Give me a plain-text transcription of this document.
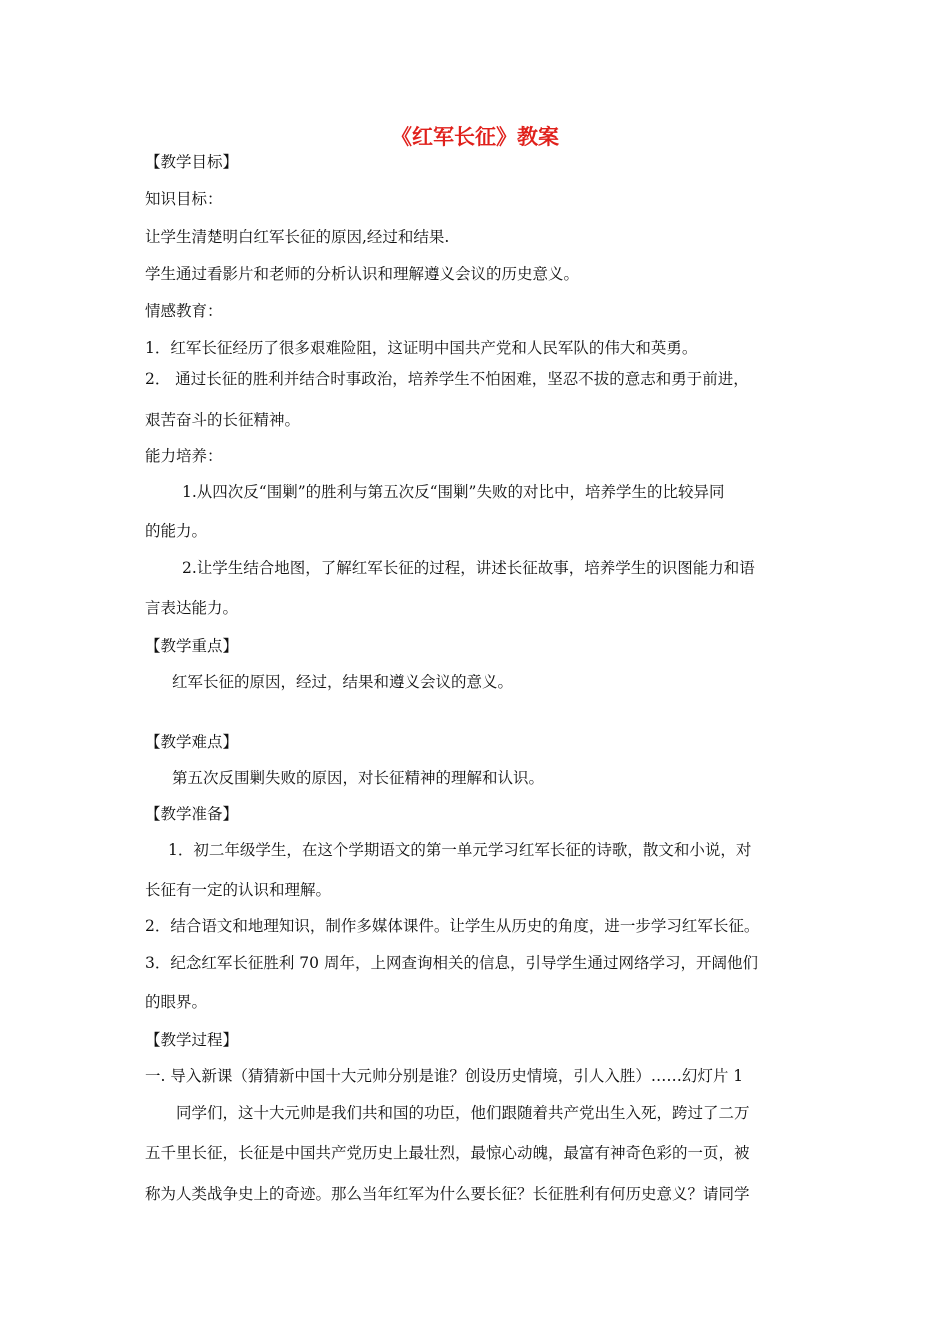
《红军长征》教案
【教学目标】
知识目标：
让学生清楚明白红军长征的原因,经过和结果.
学生通过看影片和老师的分析认识和理解遵义会议的历史意义。
情感教育：
1．红军长征经历了很多艰难险阻，这证明中国共产党和人民军队的伟大和英勇。
2． 通过长征的胜利并结合时事政治，培养学生不怕困难，坚忍不拔的意志和勇于前进，
艰苦奋斗的长征精神。
能力培养：
1.从四次反“围剿”的胜利与第五次反“围剿”失败的对比中，培养学生的比较异同
的能力。
2.让学生结合地图，了解红军长征的过程，讲述长征故事，培养学生的识图能力和语
言表达能力。
【教学重点】
红军长征的原因，经过，结果和遵义会议的意义。
【教学难点】
第五次反围剿失败的原因，对长征精神的理解和认识。
【教学准备】
1．初二年级学生，在这个学期语文的第一单元学习红军长征的诗歌，散文和小说，对
长征有一定的认识和理解。
2．结合语文和地理知识，制作多媒体课件。让学生从历史的角度，进一步学习红军长征。
3．纪念红军长征胜利 70 周年，上网查询相关的信息，引导学生通过网络学习，开阔他们
的眼界。
【教学过程】
一. 导入新课（猜猜新中国十大元帅分别是谁？创设历史情境，引人入胜）……幻灯片 1
同学们，这十大元帅是我们共和国的功臣，他们跟随着共产党出生入死，跨过了二万
五千里长征，长征是中国共产党历史上最壮烈，最惊心动魄，最富有神奇色彩的一页，被
称为人类战争史上的奇迹。那么当年红军为什么要长征？长征胜利有何历史意义？请同学
